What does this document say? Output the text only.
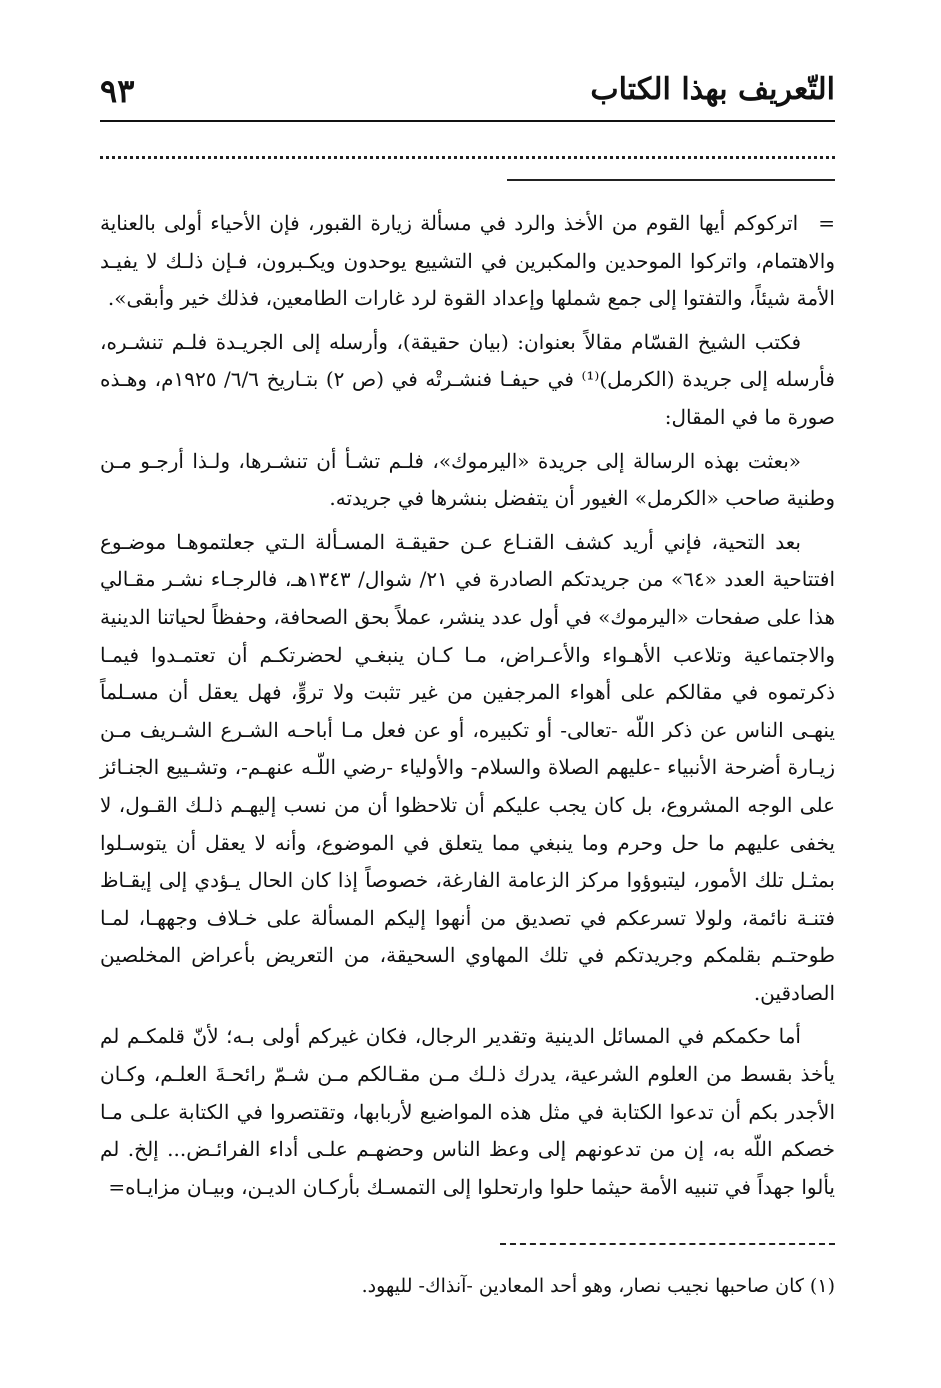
التّعريف بهذا الكتاب
٩٣

=اتركوكم أيها القوم من الأخذ والرد في مسألة زيارة القبور، فإن الأحياء أولى بالعناية والاهتمام، واتركوا الموحدين والمكبرين في التشييع يوحدون ويكـبرون، فـإن ذلـك لا يفيـد الأمة شيئاً، والتفتوا إلى جمع شملها وإعداد القوة لرد غارات الطامعين، فذلك خير وأبقى».

فكتب الشيخ القسّام مقالاً بعنوان: (بيان حقيقة)، وأرسله إلى الجريـدة فلـم تنشـره، فأرسله إلى جريدة (الكرمل)⁽¹⁾ في حيفـا فنشـرتْه في (ص ٢) بتـاريخ ٦/٦/ ١٩٢٥م، وهـذه صورة ما في المقال:

«بعثت بهذه الرسالة إلى جريدة «اليرموك»، فلـم تشـأ أن تنشـرها، ولـذا أرجـو مـن وطنية صاحب «الكرمل» الغيور أن يتفضل بنشرها في جريدته.

بعد التحية، فإني أريد كشف القنـاع عـن حقيقـة المسـألة الـتي جعلتموهـا موضـوع افتتاحية العدد «٦٤» من جريدتكم الصادرة في ٢١/ شوال/ ١٣٤٣هـ، فالرجـاء نشـر مقـالي هذا على صفحات «اليرموك» في أول عدد ينشر، عملاً بحق الصحافة، وحفظاً لحياتنا الدينية والاجتماعية وتلاعب الأهـواء والأعـراض، مـا كـان ينبغـي لحضرتكـم أن تعتمـدوا فيمـا ذكرتموه في مقالكم على أهواء المرجفين من غير تثبت ولا تروٍّ، فهل يعقل أن مسـلماً ينهـى الناس عن ذكر اللّه -تعالى- أو تكبيره، أو عن فعل مـا أباحـه الشـرع الشـريف مـن زيـارة أضرحة الأنبياء -عليهم الصلاة والسلام- والأولياء -رضي اللّـه عنهـم-، وتشـييع الجنـائز على الوجه المشروع، بل كان يجب عليكم أن تلاحظوا أن من نسب إليهـم ذلـك القـول، لا يخفى عليهم ما حل وحرم وما ينبغي مما يتعلق في الموضوع، وأنه لا يعقل أن يتوسـلوا بمثـل تلك الأمور، ليتبوؤوا مركز الزعامة الفارغة، خصوصاً إذا كان الحال يـؤدي إلى إيقـاظ فتنـة نائمة، ولولا تسرعكم في تصديق من أنهوا إليكم المسألة على خـلاف وجههـا، لمـا طوحتـم بقلمكم وجريدتكم في تلك المهاوي السحيقة، من التعريض بأعراض المخلصين الصادقين.

أما حكمكم في المسائل الدينية وتقدير الرجال، فكان غيركم أولى بـه؛ لأنّ قلمكـم لم يأخذ بقسط من العلوم الشرعية، يدرك ذلـك مـن مقـالكم مـن شـمّ رائحـةَ العلـم، وكـان الأجدر بكم أن تدعوا الكتابة في مثل هذه المواضيع لأربابها، وتقتصروا في الكتابة علـى مـا خصكم اللّه به، إن من تدعونهم إلى وعظ الناس وحضهـم علـى أداء الفرائـض... إلخ. لم يألوا جهداً في تنبيه الأمة حيثما حلوا وارتحلوا إلى التمسـك بأركـان الديـن، وبيـان مزايـاه=

(١) كان صاحبها نجيب نصار، وهو أحد المعادين -آنذاك- لليهود.
